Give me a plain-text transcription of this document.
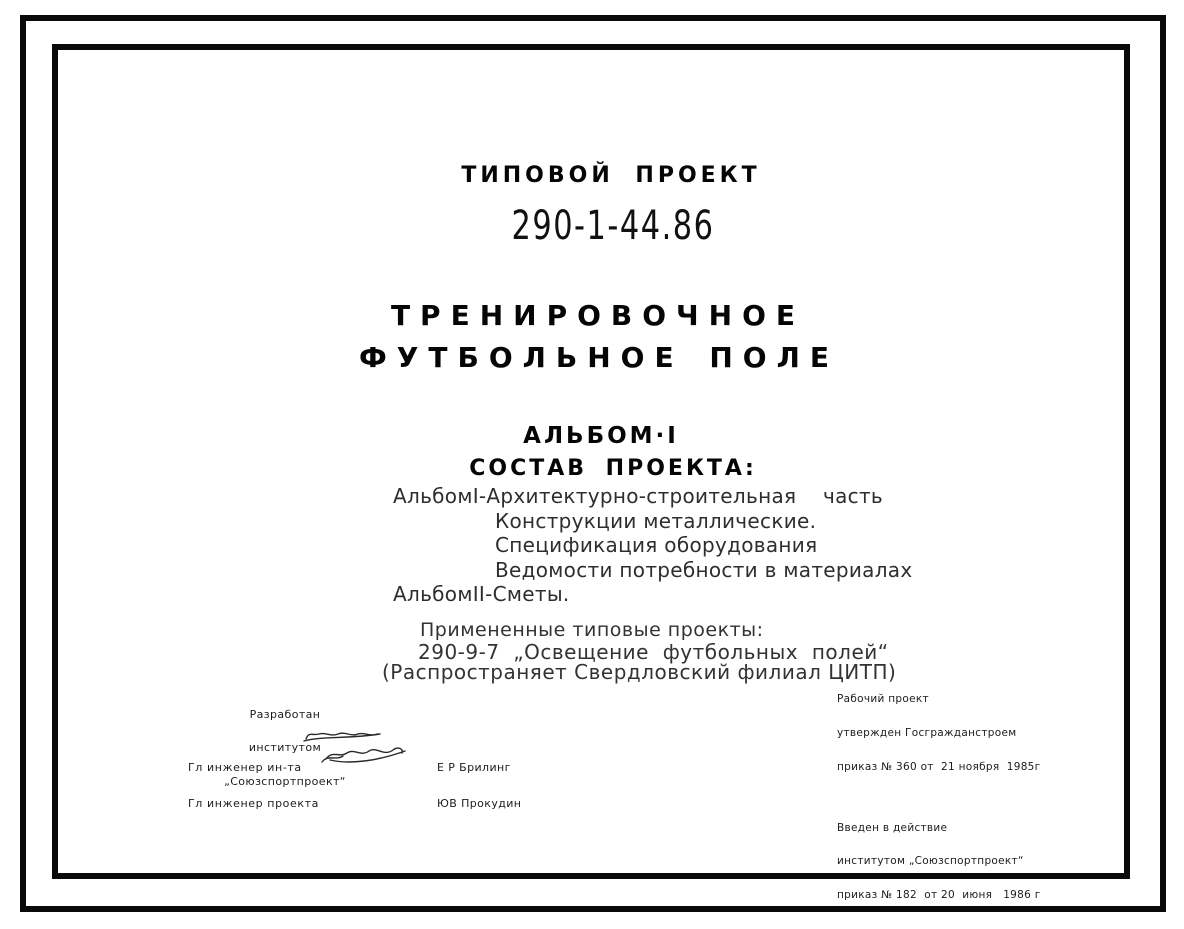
ТИПОВОЙ ПРОЕКТ
290-1-44.86
ТРЕНИРОВОЧНОЕ
ФУТБОЛЬНОЕ ПОЛЕ
АЛЬБОМ·I
СОСТАВ ПРОЕКТА:
АльбомI-Архитектурно-строительная    часть
Конструкции металлические.
Спецификация оборудования
Ведомости потребности в материалах
АльбомII-Сметы.
Примененные типовые проекты:
290-9-7  „Освещение  футбольных  полей“
(Распространяет Свердловский филиал ЦИТП)

Разработан

институтом

„Союзспортпроект“

Гл инженер ин-та

Гл инженер проекта

Е Р Брилинг

ЮВ Прокудин

Рабочий проект

утвержден Госгражданстроем

приказ № 360 от  21 ноября  1985г

Введен в действие

институтом „Союзспортпроект“

приказ № 182  от 20  июня   1986 г
